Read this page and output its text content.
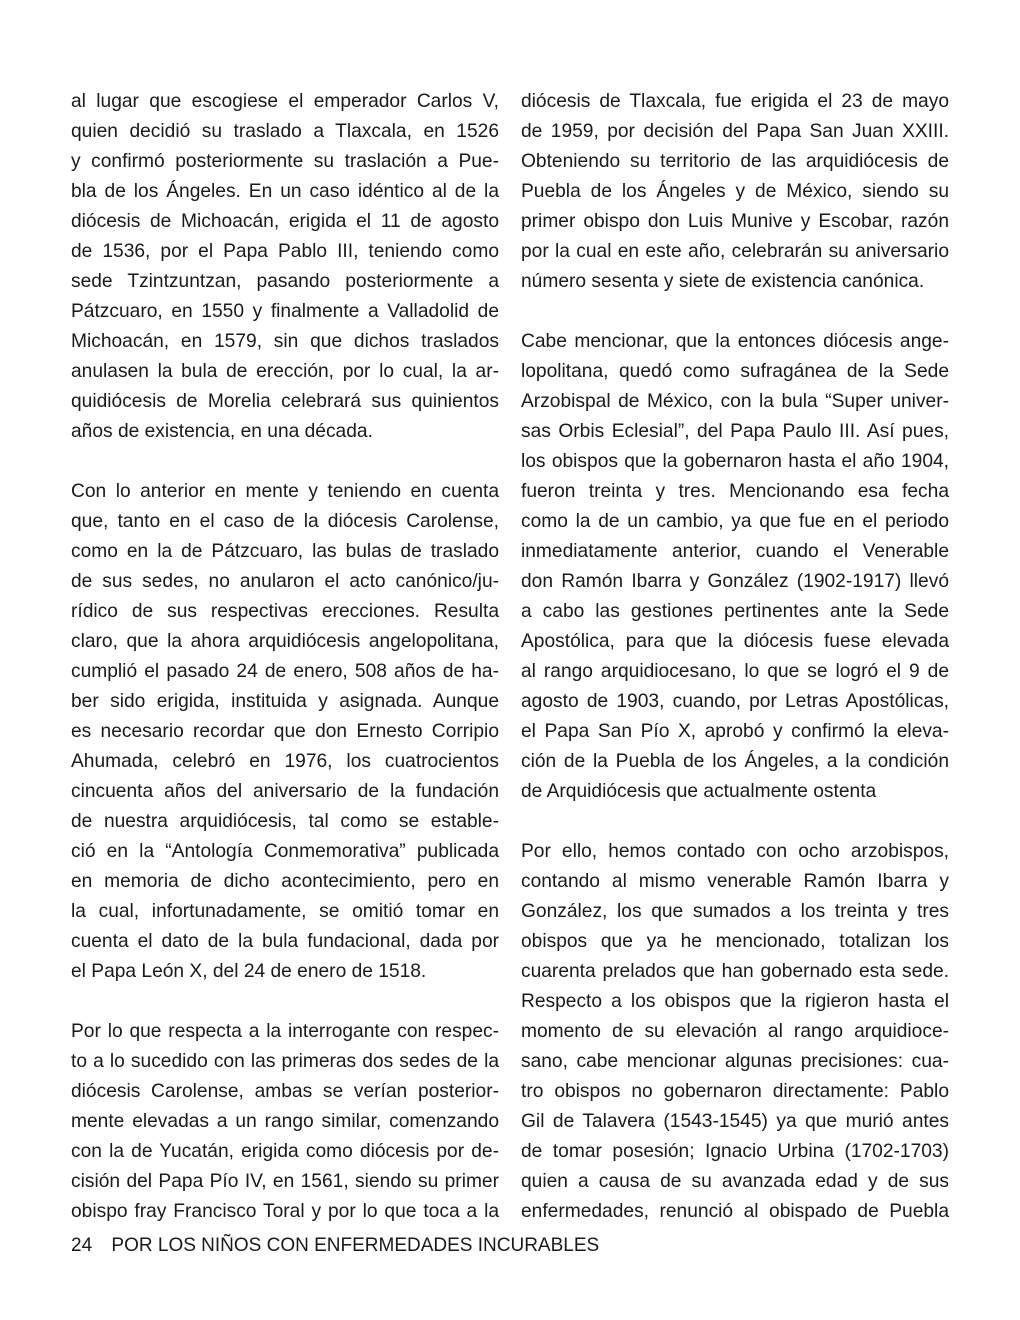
al lugar que escogiese el emperador Carlos V,
quien decidió su traslado a Tlaxcala, en 1526
y confirmó posteriormente su traslación a Pue-
bla de los Ángeles. En un caso idéntico al de la
diócesis de Michoacán, erigida el 11 de agosto
de 1536, por el Papa Pablo III, teniendo como
sede Tzintzuntzan, pasando posteriormente a
Pátzcuaro, en 1550 y finalmente a Valladolid de
Michoacán, en 1579, sin que dichos traslados
anulasen la bula de erección, por lo cual, la ar-
quidiócesis de Morelia celebrará sus quinientos
años de existencia, en una década.
Con lo anterior en mente y teniendo en cuenta
que, tanto en el caso de la diócesis Carolense,
como en la de Pátzcuaro, las bulas de traslado
de sus sedes, no anularon el acto canónico/ju-
rídico de sus respectivas erecciones. Resulta
claro, que la ahora arquidiócesis angelopolitana,
cumplió el pasado 24 de enero, 508 años de ha-
ber sido erigida, instituida y asignada. Aunque
es necesario recordar que don Ernesto Corripio
Ahumada, celebró en 1976, los cuatrocientos
cincuenta años del aniversario de la fundación
de nuestra arquidiócesis, tal como se estable-
ció en la “Antología Conmemorativa” publicada
en memoria de dicho acontecimiento, pero en
la cual, infortunadamente, se omitió tomar en
cuenta el dato de la bula fundacional, dada por
el Papa León X, del 24 de enero de 1518.
Por lo que respecta a la interrogante con respec-
to a lo sucedido con las primeras dos sedes de la
diócesis Carolense, ambas se verían posterior-
mente elevadas a un rango similar, comenzando
con la de Yucatán, erigida como diócesis por de-
cisión del Papa Pío IV, en 1561, siendo su primer
obispo fray Francisco Toral y por lo que toca a la
diócesis de Tlaxcala, fue erigida el 23 de mayo
de 1959, por decisión del Papa San Juan XXIII.
Obteniendo su territorio de las arquidiócesis de
Puebla de los Ángeles y de México, siendo su
primer obispo don Luis Munive y Escobar, razón
por la cual en este año, celebrarán su aniversario
número sesenta y siete de existencia canónica.
Cabe mencionar, que la entonces diócesis ange-
lopolitana, quedó como sufragánea de la Sede
Arzobispal de México, con la bula “Super univer-
sas Orbis Eclesial”, del Papa Paulo III. Así pues,
los obispos que la gobernaron hasta el año 1904,
fueron treinta y tres. Mencionando esa fecha
como la de un cambio, ya que fue en el periodo
inmediatamente anterior, cuando el Venerable
don Ramón Ibarra y González (1902-1917) llevó
a cabo las gestiones pertinentes ante la Sede
Apostólica, para que la diócesis fuese elevada
al rango arquidiocesano, lo que se logró el 9 de
agosto de 1903, cuando, por Letras Apostólicas,
el Papa San Pío X, aprobó y confirmó la eleva-
ción de la Puebla de los Ángeles, a la condición
de Arquidiócesis que actualmente ostenta
Por ello, hemos contado con ocho arzobispos,
contando al mismo venerable Ramón Ibarra y
González, los que sumados a los treinta y tres
obispos que ya he mencionado, totalizan los
cuarenta prelados que han gobernado esta sede.
Respecto a los obispos que la rigieron hasta el
momento de su elevación al rango arquidioce-
sano, cabe mencionar algunas precisiones: cua-
tro obispos no gobernaron directamente: Pablo
Gil de Talavera (1543-1545) ya que murió antes
de tomar posesión; Ignacio Urbina (1702-1703)
quien a causa de su avanzada edad y de sus
enfermedades, renunció al obispado de Puebla
24 POR LOS NIÑOS CON ENFERMEDADES INCURABLES
